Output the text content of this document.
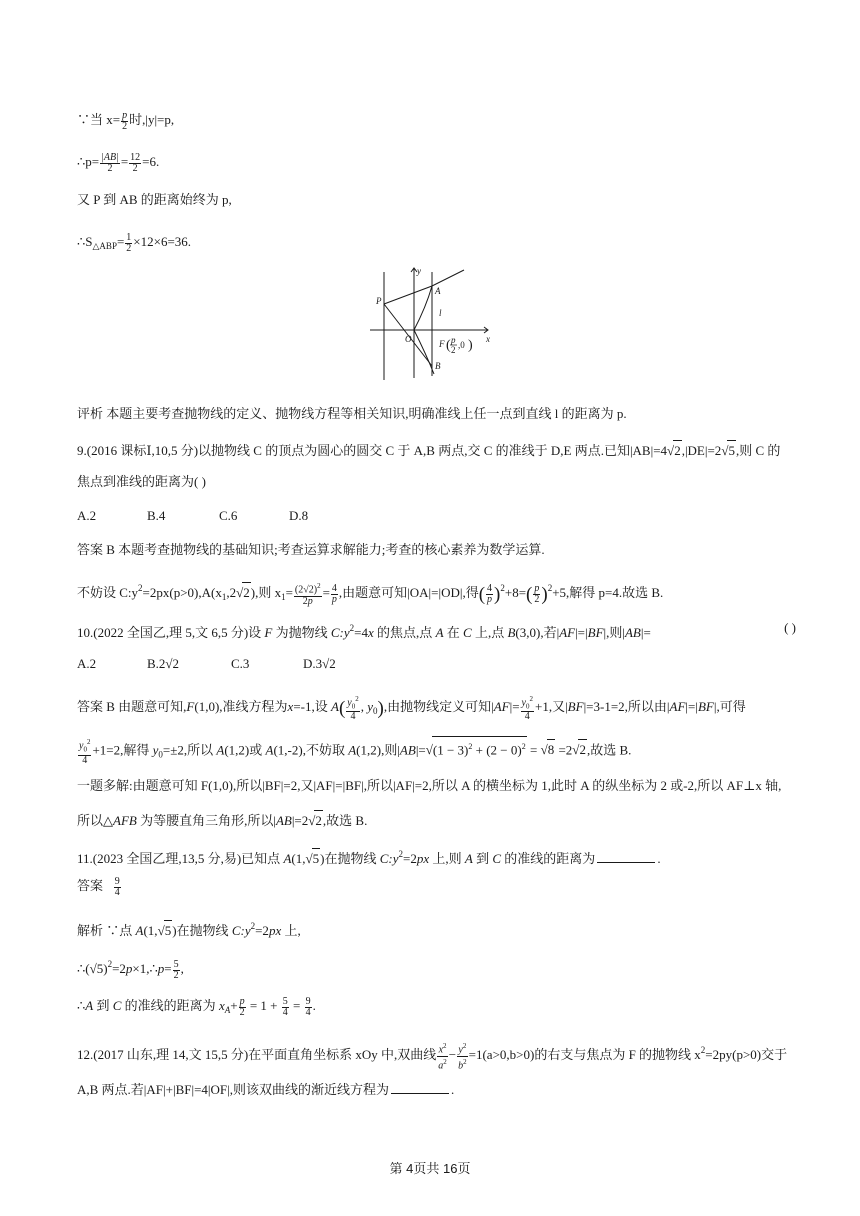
∵当 $x= \frac{p}{2}$ 时,|y|=p,
∴p= $\frac{|AB|}{2} = \frac{12}{2} =6$.
又 P 到 AB 的距离始终为 p,
$\therefore S_{\triangle ABP}= \frac{1}{2} \times 12\times 6=36$.
y
x
P
A
l
O	F
B
( p
2 ,0 )
评析 本题主要考查抛物线的定义、抛物线方程等相关知识,明确准线上任一点到直线 l 的距离为 p.
9.(2016 课标Ⅰ,10,5 分)以抛物线 C 的顶点为圆心的圆交 C 于 A,B 两点,交 C 的准线于 D,E 两点.已知|AB|=4√2,|DE|=2√5,则 C 的
焦点到准线的距离为( )
A.2	B.4	C.6	D.8
答案 B 本题考查抛物线的基础知识;考查运算求解能力;考查的核心素养为数学运算.
不妨设 $C:y^2=2px(p>0),A(x_1,2√2)$,则 $x_1= \frac{(2√2)^2}{2p} = \frac{4}{p}$ ,由题意可知|OA|=|OD|,得( $\frac{4}{p} )^2+8=( \frac{p}{2} )^2+5$,解得 p=4.故选 B.
10.(2022 全国乙,理 5,文 6,5 分)设 F 为抛物线 $C:y^2=4x$ 的焦点,点 A 在 C 上,点 B(3,0),若|AF|=|BF|,则|AB|=	( )
A.2	B.2√2	C.3	D.3√2
答案 B 由题意可知,F(1,0),准线方程为x=-1,设 $A( \frac{y_0^2}{4}$ , $y_0$),由抛物线定义可知$|AF|= \frac{y_0^2}{4} +1$,又|BF|=3-1=2,所以由|AF|=|BF|,可得
$\frac{y_0^2}{4} +1=2$,解得 $y_0=\pm 2$,所以 A(1,2)或 A(1,-2),不妨取 A(1,2),则$|AB|=√(1 - 3)^2 + (2 - 0)^2 = √8 =2√2$,故选 B.
一题多解:由题意可知 F(1,0),所以|BF|=2,又|AF|=|BF|,所以|AF|=2,所以 A 的横坐标为 1,此时 A 的纵坐标为 2 或-2,所以 AF⊥x 轴,
所以△AFB 为等腰直角三角形,所以|AB|=2√2,故选 B.
11.(2023 全国乙理,13,5 分,易)已知点 A(1,√5)在抛物线 $C:y^2=2px$ 上,则 A 到 C 的准线的距离为	.
答案 $\frac{9}{4}$
解析 ∵点 A(1,√5)在抛物线 $C:y^2=2px$ 上,
$\therefore(√5)^2=2p\times 1,\therefore p= \frac{5}{2}$ ,
∴A 到 C 的准线的距离为 $x_A+ \frac{p}{2} = 1 + \frac{5}{4} = \frac{9}{4}$ .
12.(2017 山东,理 14,文 15,5 分)在平面直角坐标系 xOy 中,双曲线 $\frac{x^2}{a^2} - \frac{y^2}{b^2} =1(a>0,b>0)$的右支与焦点为 F 的抛物线 $x^2=2py(p>0)$交于
A,B 两点.若|AF|+|BF|=4|OF|,则该双曲线的渐近线方程为	.
第 4页共 16页
